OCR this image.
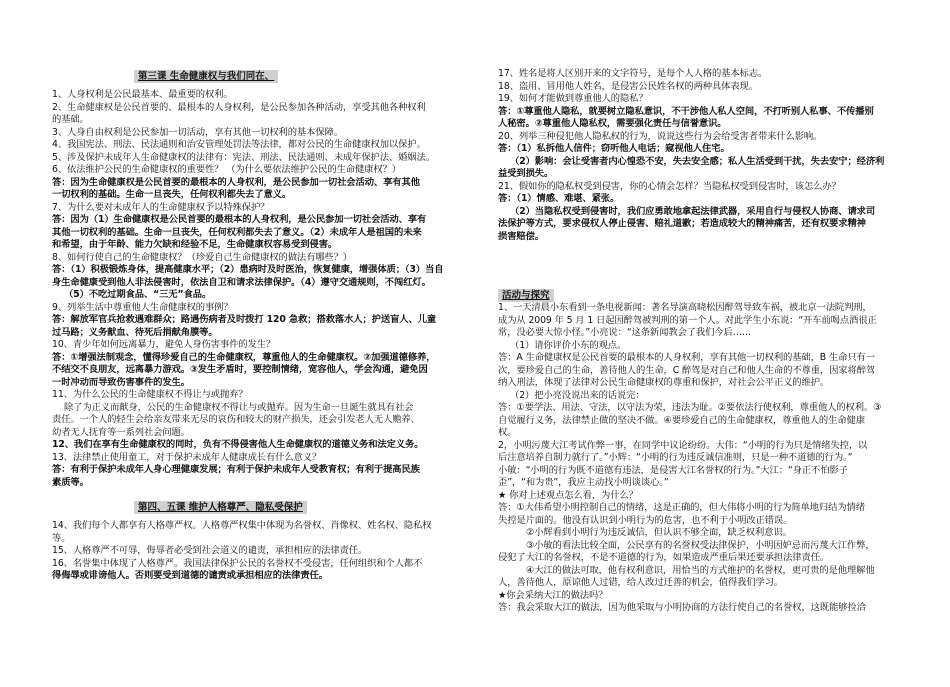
第三课 生命健康权与我们同在、
1、人身权利是公民最基本、最重要的权利。
2、生命健康权是公民首要的、最根本的人身权利，是公民参加各种活动，享受其他各种权利
的基础。
3、人身自由权利是公民参加一切活动，享有其他一切权利的基本保障。
4、我国宪法、刑法、民法通则和治安管理处罚法等法律，都对公民的生命健康权加以保护。
5、涉及保护未成年人生命健康权的法律有：宪法、刑法、民法通则、未成年保护法、婚姻法。
6、依法维护公民的生命健康权的重要性？ （为什么要依法维护公民的生命健康权？）
答：因为生命健康权是公民首要的最根本的人身权利，是公民参加一切社会活动、享有其他
一切权利的基础。生命一旦丧失，任何权利都失去了意义。
7、为什么要对未成年人的生命健康权予以特殊保护？
答：因为（1）生命健康权是公民首要的最根本的人身权利，是公民参加一切社会活动、享有
其他一切权利的基础。生命一旦丧失，任何权利都失去了意义。（2）未成年人是祖国的未来
和希望，由于年龄、能力欠缺和经验不足，生命健康权容易受到侵害。
8、如何行使自己的生命健康权？（珍爱自己生命健康权的做法有哪些？）
答：（1）积极锻炼身体，提高健康水平；（2）患病时及时医治，恢复健康，增强体质；（3）当自
身生命健康受到他人非法侵害时，依法自卫和请求法律保护。（4）遵守交通规则，不闯红灯。
（5）不吃过期食品、“三无”食品。
9、列举生活中尊重他人生命健康权的事例？
答：解放军官兵抢救遇难群众；路遇伤病者及时拨打 120 急救；搭救落水人；护送盲人、儿童
过马路；义务献血、待死后捐献角膜等。
10、青少年如何远离暴力，避免人身伤害事件的发生？
答：①增强法制观念，懂得珍爱自己的生命健康权，尊重他人的生命健康权。②加强道德修养，
不结交不良朋友，远离暴力游戏。③发生矛盾时，要控制情绪，宽容他人，学会沟通，避免因
一时冲动而导致伤害事件的发生。
11、为什么公民的生命健康权不得让与或抛弃？
除了为正义而献身，公民的生命健康权不得让与或抛弃。因为生命一旦诞生就具有社会
责任。一个人的轻生会给亲友带来无尽的哀伤和较大的财产损失，还会引发老人无人赡养、
幼者无人抚育等一系列社会问题。
12、我们在享有生命健康权的同时，负有不得侵害他人生命健康权的道德义务和法定义务。
13、法律禁止使用童工，对于保护未成年人健康成长有什么意义？
答：有利于保护未成年人身心理健康发展；有利于保护未成年人受教育权；有利于提高民族
素质等。
第四、五课 维护人格尊严、隐私受保护
14、我们每个人都享有人格尊严权。人格尊严权集中体现为名誉权、肖像权、姓名权、隐私权
等。
15、人格尊严不可辱，侮辱者必受到社会道义的谴责，承担相应的法律责任。
16、名誉集中体现了人格尊严。我国法律保护公民的名誉权不受侵害，任何组织和个人都不
得侮辱或诽谤他人。否则要受到道德的谴责或承担相应的法律责任。
17、姓名是将人区别开来的文字符号，是每个人人格的基本标志。
18、盗用、冒用他人姓名，是侵害公民姓名权的两种具体表现。
19、如何才能做到尊重他人的隐私？
答：①尊重他人隐私，就要树立隐私意识，不干涉他人私人空间，不打听别人私事、不传播别
人秘密。②尊重他人隐私权，需要强化责任与信誉意识。
20、列举三种侵犯他人隐私权的行为，说说这些行为会给受害者带来什么影响。
答：（1）私拆他人信件；窃听他人电话；窥视他人住宅。
（2）影响：会让受害者内心惶恐不安，失去安全感；私人生活受到干扰，失去安宁；经济利
益受到损失。
21、假如你的隐私权受到侵害，你的心情会怎样？当隐私权受到侵害时，该怎么办？
答：（1）情感、难堪、紧张。
（2）当隐私权受到侵害时，我们应勇敢地拿起法律武器，采用自行与侵权人协商、请求司
法保护等方式，要求侵权人停止侵害、赔礼道歉；若造成较大的精神痛苦，还有权要求精神
损害赔偿。
活动与探究
1、一天清晨小东看到一条电视新闻：著名导演高晓松因醉驾导致车祸，被北京一法院判刑，
成为从 2009 年 5 月 1 日起因醉驾被判刑的第一个人。对此学生小东说：“开车前喝点酒很正
常，没必要大惊小怪。”小亮说：“这条新闻教会了我们今后……
（1）请你评价小东的观点。
答：A 生命健康权是公民首要的最根本的人身权利，享有其他一切权利的基础，B 生命只有一
次，要珍爱自己的生命，善待他人的生命，C 醉驾是对自己和他人生命的不尊重，因家将醉驾
纳入刑法，体现了法律对公民生命健康权的尊重和保护，对社会公平正义的维护。
（2）把小亮没说出来的话说完：
答：①要学法、用法、守法，以守法为荣，违法为耻。②要依法行使权利，尊重他人的权利。③
自觉履行义务，法律禁止做的坚决不做。④要珍爱自己的生命健康权，尊重他人的生命健康
权。
2，小明污蔑大江考试作弊一事，在同学中议论纷纷。大伟：“小明的行为只是情绪失控，以
后注意培养自制力就行了。”小辉：“小明的行为违反诚信准则，只是一种不道德的行为。”
小敏：“小明的行为既不道德有违法，是侵害大江名誉权的行为。”大江：“身正不怕影子
歪”，“和为贵”，我应主动找小明谈谈心。”
★ 你对上述观点怎么看，为什么？
答：①大伟希望小明控制自己的情绪，这是正确的，但大伟将小明的行为简单地归结为情绪
失控是片面的。他没有认识到小明行为的危害，也不利于小明改正错误。
②小辉看到小明行为违反诚信，但认识不够全面，缺乏权利意识。
③小敏的看法比较全面，公民享有的名誉权受法律保护，小明因妒忌而污蔑大江作弊，
侵犯了大江的名誉权，不是不道德的行为，如果造成严重后果还要承担法律责任。
④大江的做法可取，他有权利意识，用恰当的方式维护的名誉权，更可贵的是他理解他
人，善待他人，原谅他人过错，给人改过迁善的机会，值得我们学习。
★你会采纳大江的做法吗？
答：我会采取大江的做法，因为他采取与小明协商的方法行使自己的名誉权，这既能够捡洽
